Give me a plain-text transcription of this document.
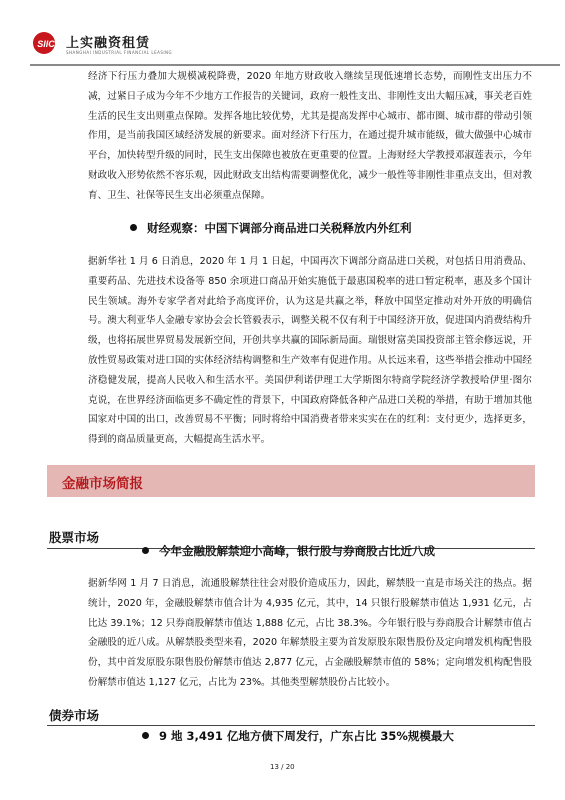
SIIC 上实融资租赁
SHANGHAI INDUSTRIAL FINANCIAL LEASING
经济下行压力叠加大规模减税降费，2020 年地方财政收入继续呈现低速增长态势，而刚性支出压力不减，过紧日子成为今年不少地方工作报告的关键词，政府一般性支出、非刚性支出大幅压减，事关老百姓生活的民生支出则重点保障。发挥各地比较优势，尤其是提高发挥中心城市、都市圈、城市群的带动引领作用，是当前我国区域经济发展的新要求。面对经济下行压力，在通过提升城市能级，做大做强中心城市平台，加快转型升级的同时，民生支出保障也被放在更重要的位置。上海财经大学教授邓淑莲表示，今年财政收入形势依然不容乐观，因此财政支出结构需要调整优化，减少一般性等非刚性非重点支出，但对教育、卫生、社保等民生支出必须重点保障。
财经观察：中国下调部分商品进口关税释放内外红利
据新华社 1 月 6 日消息，2020 年 1 月 1 日起，中国再次下调部分商品进口关税，对包括日用消费品、重要药品、先进技术设备等 850 余项进口商品开始实施低于最惠国税率的进口暂定税率，惠及多个国计民生领域。海外专家学者对此给予高度评价，认为这是共赢之举，释放中国坚定推动对外开放的明确信号。澳大利亚华人金融专家协会会长管毅表示，调整关税不仅有利于中国经济开放，促进国内消费结构升级，也将拓展世界贸易发展新空间，开创共享共赢的国际新局面。瑞银财富美国投资部主管余修远说，开放性贸易政策对进口国的实体经济结构调整和生产效率有促进作用。从长远来看，这些举措会推动中国经济稳健发展，提高人民收入和生活水平。美国伊利诺伊理工大学斯图尔特商学院经济学教授哈伊里·图尔克说，在世界经济面临更多不确定性的背景下，中国政府降低各种产品进口关税的举措，有助于增加其他国家对中国的出口，改善贸易不平衡；同时将给中国消费者带来实实在在的红利：支付更少，选择更多，得到的商品质量更高，大幅提高生活水平。
金融市场简报
股票市场
今年金融股解禁迎小高峰，银行股与券商股占比近八成
据新华网 1 月 7 日消息，流通股解禁往往会对股价造成压力，因此，解禁股一直是市场关注的热点。据统计，2020 年，金融股解禁市值合计为 4,935 亿元，其中，14 只银行股解禁市值达 1,931 亿元，占比达 39.1%；12 只券商股解禁市值达 1,888 亿元，占比 38.3%。今年银行股与券商股合计解禁市值占金融股的近八成。从解禁股类型来看，2020 年解禁股主要为首发原股东限售股份及定向增发机构配售股份，其中首发原股东限售股份解禁市值达 2,877 亿元，占金融股解禁市值的 58%；定向增发机构配售股份解禁市值达 1,127 亿元，占比为 23%。其他类型解禁股份占比较小。
债券市场
9 地 3,491 亿地方债下周发行，广东占比 35%规模最大
13 / 20
